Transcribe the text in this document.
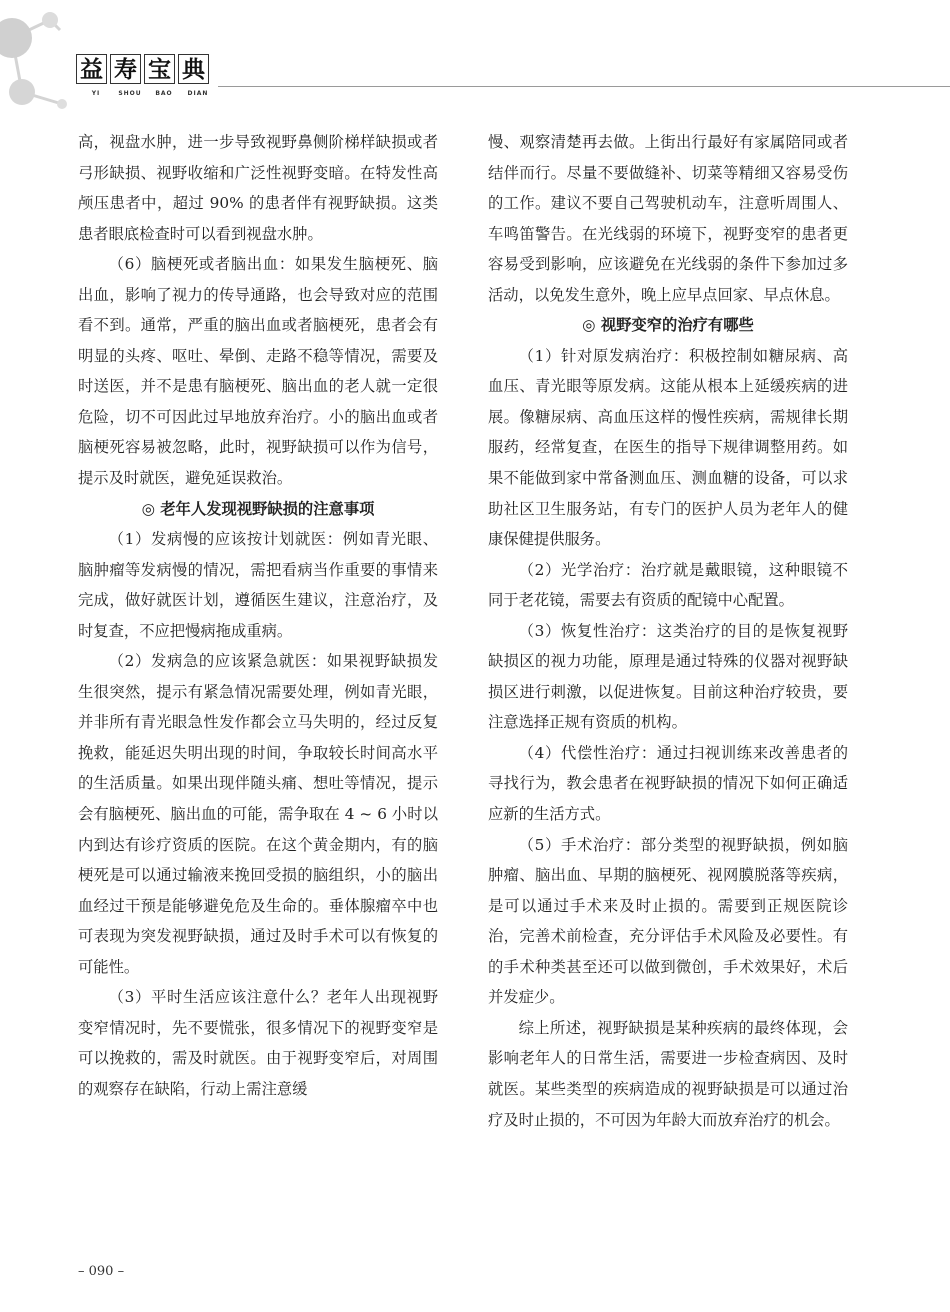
益 寿 宝 典
YI	SHOU	BAO	DIAN

高，视盘水肿，进一步导致视野鼻侧阶梯样缺损或者弓形缺损、视野收缩和广泛性视野变暗。在特发性高颅压患者中，超过 90% 的患者伴有视野缺损。这类患者眼底检查时可以看到视盘水肿。

（6）脑梗死或者脑出血：如果发生脑梗死、脑出血，影响了视力的传导通路，也会导致对应的范围看不到。通常，严重的脑出血或者脑梗死，患者会有明显的头疼、呕吐、晕倒、走路不稳等情况，需要及时送医，并不是患有脑梗死、脑出血的老人就一定很危险，切不可因此过早地放弃治疗。小的脑出血或者脑梗死容易被忽略，此时，视野缺损可以作为信号，提示及时就医，避免延误救治。

◎ 老年人发现视野缺损的注意事项

（1）发病慢的应该按计划就医：例如青光眼、脑肿瘤等发病慢的情况，需把看病当作重要的事情来完成，做好就医计划，遵循医生建议，注意治疗，及时复查，不应把慢病拖成重病。

（2）发病急的应该紧急就医：如果视野缺损发生很突然，提示有紧急情况需要处理，例如青光眼，并非所有青光眼急性发作都会立马失明的，经过反复挽救，能延迟失明出现的时间，争取较长时间高水平的生活质量。如果出现伴随头痛、想吐等情况，提示会有脑梗死、脑出血的可能，需争取在 4 ~ 6 小时以内到达有诊疗资质的医院。在这个黄金期内，有的脑梗死是可以通过输液来挽回受损的脑组织，小的脑出血经过干预是能够避免危及生命的。垂体腺瘤卒中也可表现为突发视野缺损，通过及时手术可以有恢复的可能性。

（3）平时生活应该注意什么？老年人出现视野变窄情况时，先不要慌张，很多情况下的视野变窄是可以挽救的，需及时就医。由于视野变窄后，对周围的观察存在缺陷，行动上需注意缓

慢、观察清楚再去做。上街出行最好有家属陪同或者结伴而行。尽量不要做缝补、切菜等精细又容易受伤的工作。建议不要自己驾驶机动车，注意听周围人、车鸣笛警告。在光线弱的环境下，视野变窄的患者更容易受到影响，应该避免在光线弱的条件下参加过多活动，以免发生意外，晚上应早点回家、早点休息。

◎ 视野变窄的治疗有哪些

（1）针对原发病治疗：积极控制如糖尿病、高血压、青光眼等原发病。这能从根本上延缓疾病的进展。像糖尿病、高血压这样的慢性疾病，需规律长期服药，经常复查，在医生的指导下规律调整用药。如果不能做到家中常备测血压、测血糖的设备，可以求助社区卫生服务站，有专门的医护人员为老年人的健康保健提供服务。

（2）光学治疗：治疗就是戴眼镜，这种眼镜不同于老花镜，需要去有资质的配镜中心配置。

（3）恢复性治疗：这类治疗的目的是恢复视野缺损区的视力功能，原理是通过特殊的仪器对视野缺损区进行刺激，以促进恢复。目前这种治疗较贵，要注意选择正规有资质的机构。

（4）代偿性治疗：通过扫视训练来改善患者的寻找行为，教会患者在视野缺损的情况下如何正确适应新的生活方式。

（5）手术治疗：部分类型的视野缺损，例如脑肿瘤、脑出血、早期的脑梗死、视网膜脱落等疾病，是可以通过手术来及时止损的。需要到正规医院诊治，完善术前检查，充分评估手术风险及必要性。有的手术种类甚至还可以做到微创，手术效果好，术后并发症少。

综上所述，视野缺损是某种疾病的最终体现，会影响老年人的日常生活，需要进一步检查病因、及时就医。某些类型的疾病造成的视野缺损是可以通过治疗及时止损的，不可因为年龄大而放弃治疗的机会。

– 090 –
